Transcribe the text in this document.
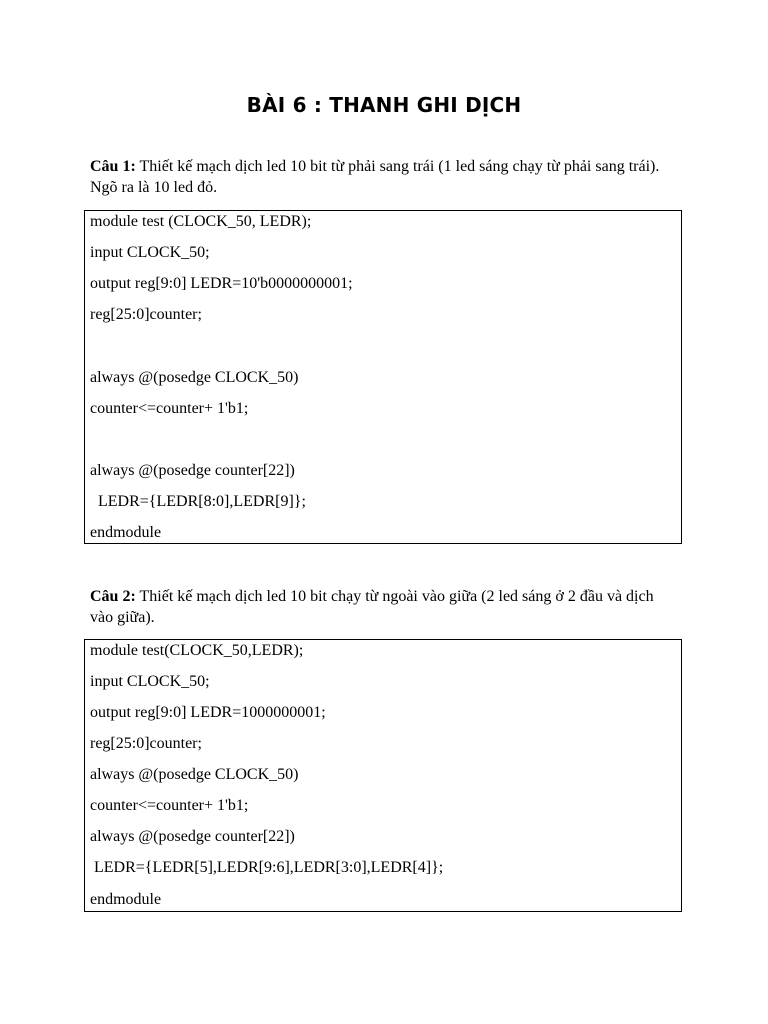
BÀI 6 : THANH GHI DỊCH
Câu 1: Thiết kế mạch dịch led 10 bit từ phải sang trái (1 led sáng chạy từ phải sang trái).
Ngõ ra là 10 led đỏ.
module test (CLOCK_50, LEDR);
input CLOCK_50;
output reg[9:0] LEDR=10'b0000000001;
reg[25:0]counter;
always @(posedge CLOCK_50)
counter<=counter+ 1'b1;
always @(posedge counter[22])
LEDR={LEDR[8:0],LEDR[9]};
endmodule
Câu 2: Thiết kế mạch dịch led 10 bit chạy từ ngoài vào giữa (2 led sáng ở 2 đầu và dịch
vào giữa).
module test(CLOCK_50,LEDR);
input CLOCK_50;
output reg[9:0] LEDR=1000000001;
reg[25:0]counter;
always @(posedge CLOCK_50)
counter<=counter+ 1'b1;
always @(posedge counter[22])
LEDR={LEDR[5],LEDR[9:6],LEDR[3:0],LEDR[4]};
endmodule
